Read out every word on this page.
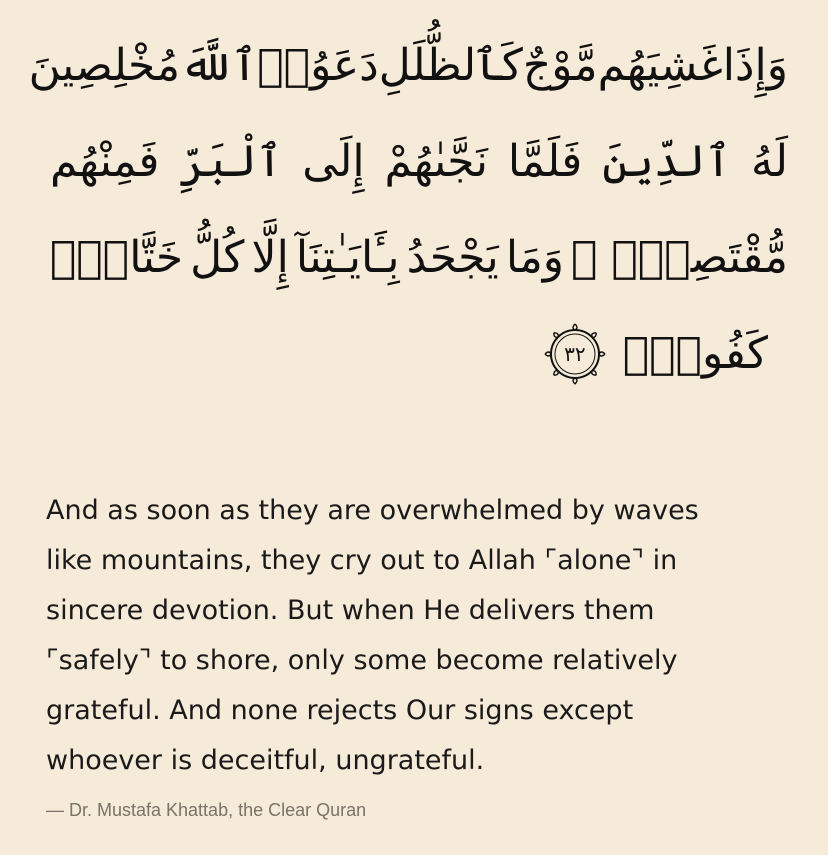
وَإِذَا
غَشِيَهُم
مَّوْجٌ
كَٱلظُّلَلِ
دَعَوُا۟
ٱللَّهَ
مُخْلِصِينَ
لَهُ
ٱلدِّينَ
فَلَمَّا
نَجَّىٰهُمْ
إِلَى
ٱلْبَرِّ
فَمِنْهُم
مُّقْتَصِدٌۭ ۚ
وَمَا
يَجْحَدُ
بِـَٔايَـٰتِنَآ
إِلَّا
كُلُّ
خَتَّارٍۢ
كَفُورٍۢ
٣٢
And as soon as they are overwhelmed by waves
like mountains, they cry out to Allah ⌜alone⌝ in
sincere devotion. But when He delivers them
⌜safely⌝ to shore, only some become relatively
grateful. And none rejects Our signs except
whoever is deceitful, ungrateful.
— Dr. Mustafa Khattab, the Clear Quran
